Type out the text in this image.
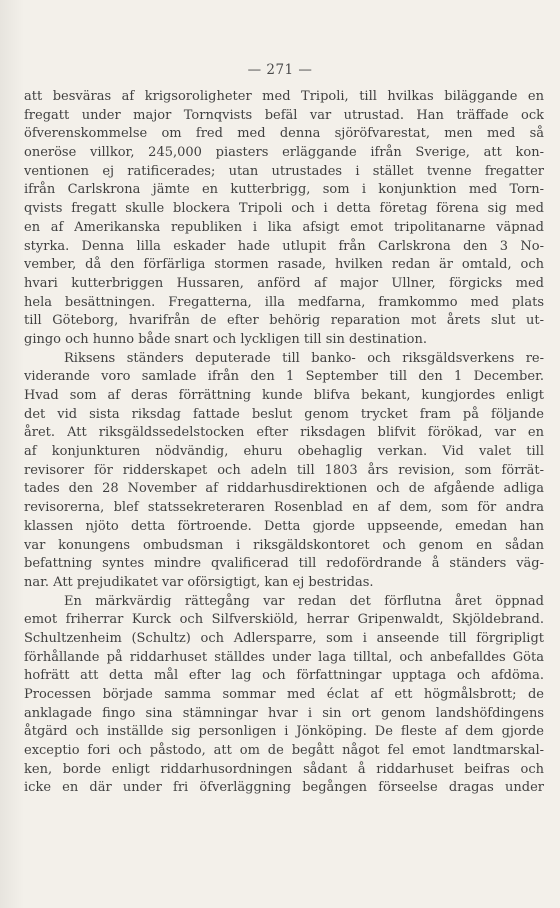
— 271 —
att besväras af krigsoroligheter med Tripoli, till hvilkas biläggande en
fregatt under major Tornqvists befäl var utrustad. Han träffade ock
öfverenskommelse om fred med denna sjöröfvarestat, men med så
oneröse villkor, 245,000 piasters erläggande ifrån Sverige, att kon-
ventionen ej ratificerades; utan utrustades i stället tvenne fregatter
ifrån Carlskrona jämte en kutterbrigg, som i konjunktion med Torn-
qvists fregatt skulle blockera Tripoli och i detta företag förena sig med
en af Amerikanska republiken i lika afsigt emot tripolitanarne väpnad
styrka. Denna lilla eskader hade utlupit från Carlskrona den 3 No-
vember, då den förfärliga stormen rasade, hvilken redan är omtald, och
hvari kutterbriggen Hussaren, anförd af major Ullner, förgicks med
hela besättningen. Fregatterna, illa medfarna, framkommo med plats
till Göteborg, hvarifrån de efter behörig reparation mot årets slut ut-
gingo och hunno både snart och lyckligen till sin destination.
Riksens ständers deputerade till banko- och riksgäldsverkens re-
viderande voro samlade ifrån den 1 September till den 1 December.
Hvad som af deras förrättning kunde blifva bekant, kungjordes enligt
det vid sista riksdag fattade beslut genom trycket fram på följande
året. Att riksgäldssedelstocken efter riksdagen blifvit förökad, var en
af konjunkturen nödvändig, ehuru obehaglig verkan. Vid valet till
revisorer för ridderskapet och adeln till 1803 års revision, som förrät-
tades den 28 November af riddarhusdirektionen och de afgående adliga
revisorerna, blef statssekreteraren Rosenblad en af dem, som för andra
klassen njöto detta förtroende. Detta gjorde uppseende, emedan han
var konungens ombudsman i riksgäldskontoret och genom en sådan
befattning syntes mindre qvalificerad till redofördrande å ständers väg-
nar. Att prejudikatet var oförsigtigt, kan ej bestridas.
En märkvärdig rättegång var redan det förflutna året öppnad
emot friherrar Kurck och Silfverskiöld, herrar Gripenwaldt, Skjöldebrand.
Schultzenheim (Schultz) och Adlersparre, som i anseende till förgripligt
förhållande på riddarhuset ställdes under laga tilltal, och anbefalldes Göta
hofrätt att detta mål efter lag och författningar upptaga och afdöma.
Processen började samma sommar med éclat af ett högmålsbrott; de
anklagade fingo sina stämningar hvar i sin ort genom landshöfdingens
åtgärd och inställde sig personligen i Jönköping. De fleste af dem gjorde
exceptio fori och påstodo, att om de begått något fel emot landtmarskal-
ken, borde enligt riddarhusordningen sådant å riddarhuset beifras och
icke en där under fri öfverläggning begången förseelse dragas under
